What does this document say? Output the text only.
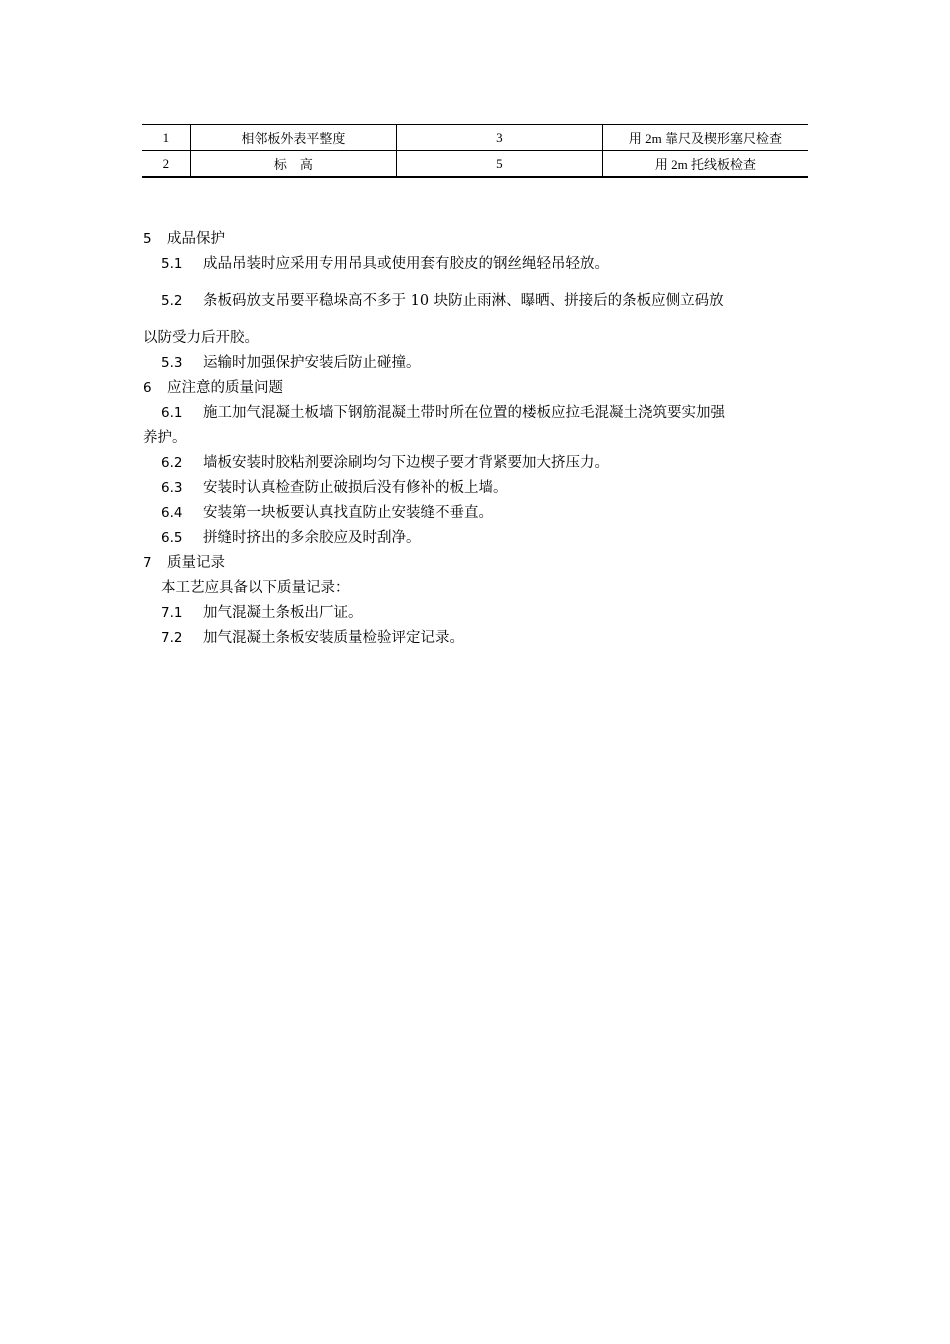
1	相邻板外表平整度	3	用 2m 靠尺及楔形塞尺检查
2	标　高	5	用 2m 托线板检查
5 成品保护
5.1 成品吊装时应采用专用吊具或使用套有胶皮的钢丝绳轻吊轻放。
5.2 条板码放支吊要平稳垛高不多于 10 块防止雨淋、曝晒、拼接后的条板应侧立码放
以防受力后开胶。
5.3 运输时加强保护安装后防止碰撞。
6 应注意的质量问题
6.1 施工加气混凝土板墙下钢筋混凝土带时所在位置的楼板应拉毛混凝土浇筑要实加强
养护。
6.2 墙板安装时胶粘剂要涂刷均匀下边楔子要才背紧要加大挤压力。
6.3 安装时认真检查防止破损后没有修补的板上墙。
6.4 安装第一块板要认真找直防止安装缝不垂直。
6.5 拼缝时挤出的多余胶应及时刮净。
7 质量记录
本工艺应具备以下质量记录：
7.1 加气混凝土条板出厂证。
7.2 加气混凝土条板安装质量检验评定记录。
